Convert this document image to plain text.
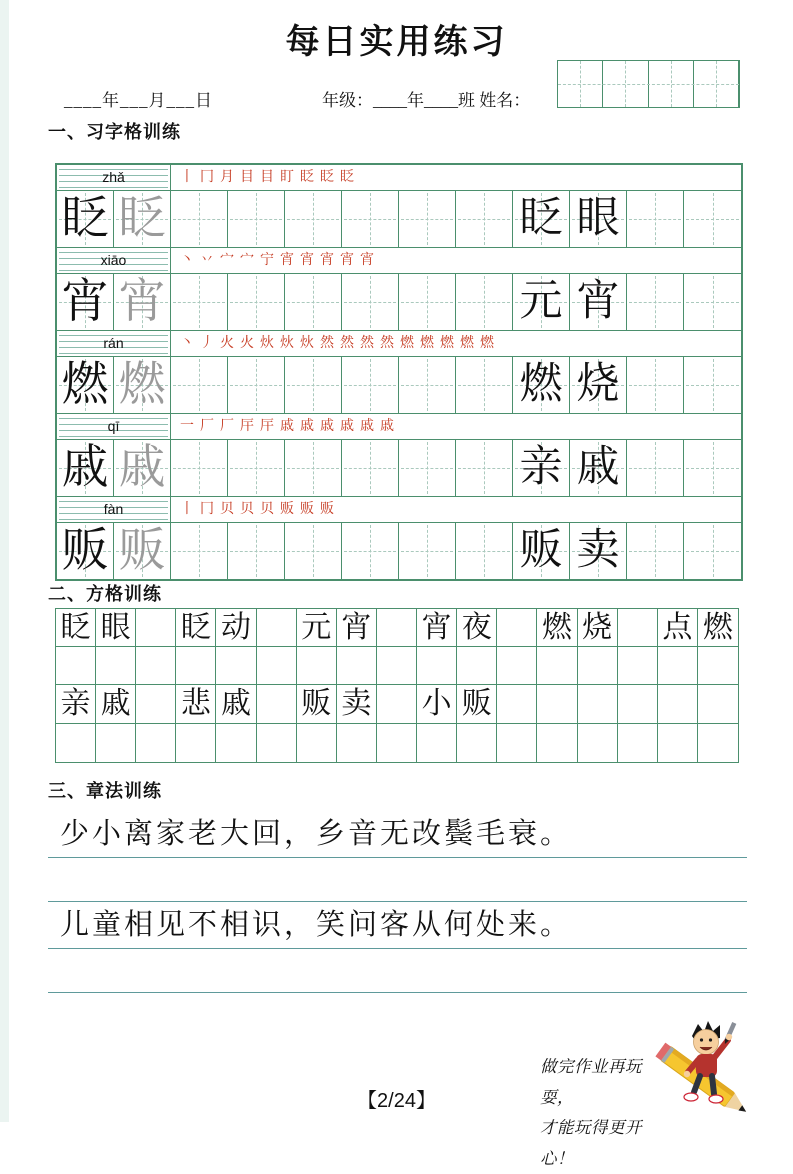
每日实用练习
____年___月___日	年级：____年____班 姓名：
一、习字格训练
zhǎ	丨 冂 月 目 目 盯 眨 眨 眨
眨 眨	眨 眼
xiāo	丶 丷 宀 宀 宁 宵 宵 宵 宵 宵
宵 宵	元 宵
rán	丶 丿 火 火 炏 炏 炏 然 然 然 然 燃 燃 燃 燃 燃
燃 燃	燃 烧
qī	一 厂 厂 厈 厈 戚 戚 戚 戚 戚 戚
戚 戚	亲 戚
fàn	丨 冂 贝 贝 贝 贩 贩 贩
贩 贩	贩 卖
二、方格训练
眨 眼 眨 动 元 宵 宵 夜 燃 烧 点 燃
亲 戚 悲 戚 贩 卖 小 贩
三、章法训练
少小离家老大回，乡音无改鬓毛衰。
儿童相见不相识，笑问客从何处来。
【2/24】
做完作业再玩耍，
才能玩得更开心！
